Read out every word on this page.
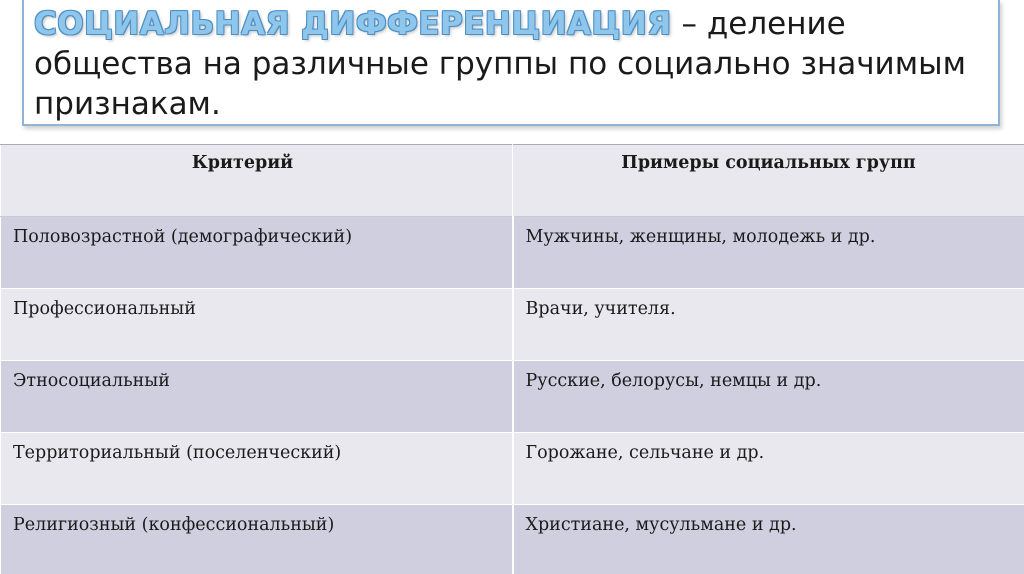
СОЦИАЛЬНАЯ ДИФФЕРЕНЦИАЦИЯ – деление общества на различные группы по социально значимым признакам.
Критерий	Примеры социальных групп
Половозрастной (демографический)	Мужчины, женщины, молодежь и др.
Профессиональный	Врачи, учителя.
Этносоциальный	Русские, белорусы, немцы и др.
Территориальный (поселенческий)	Горожане, сельчане и др.
Религиозный (конфессиональный)	Христиане, мусульмане и др.
